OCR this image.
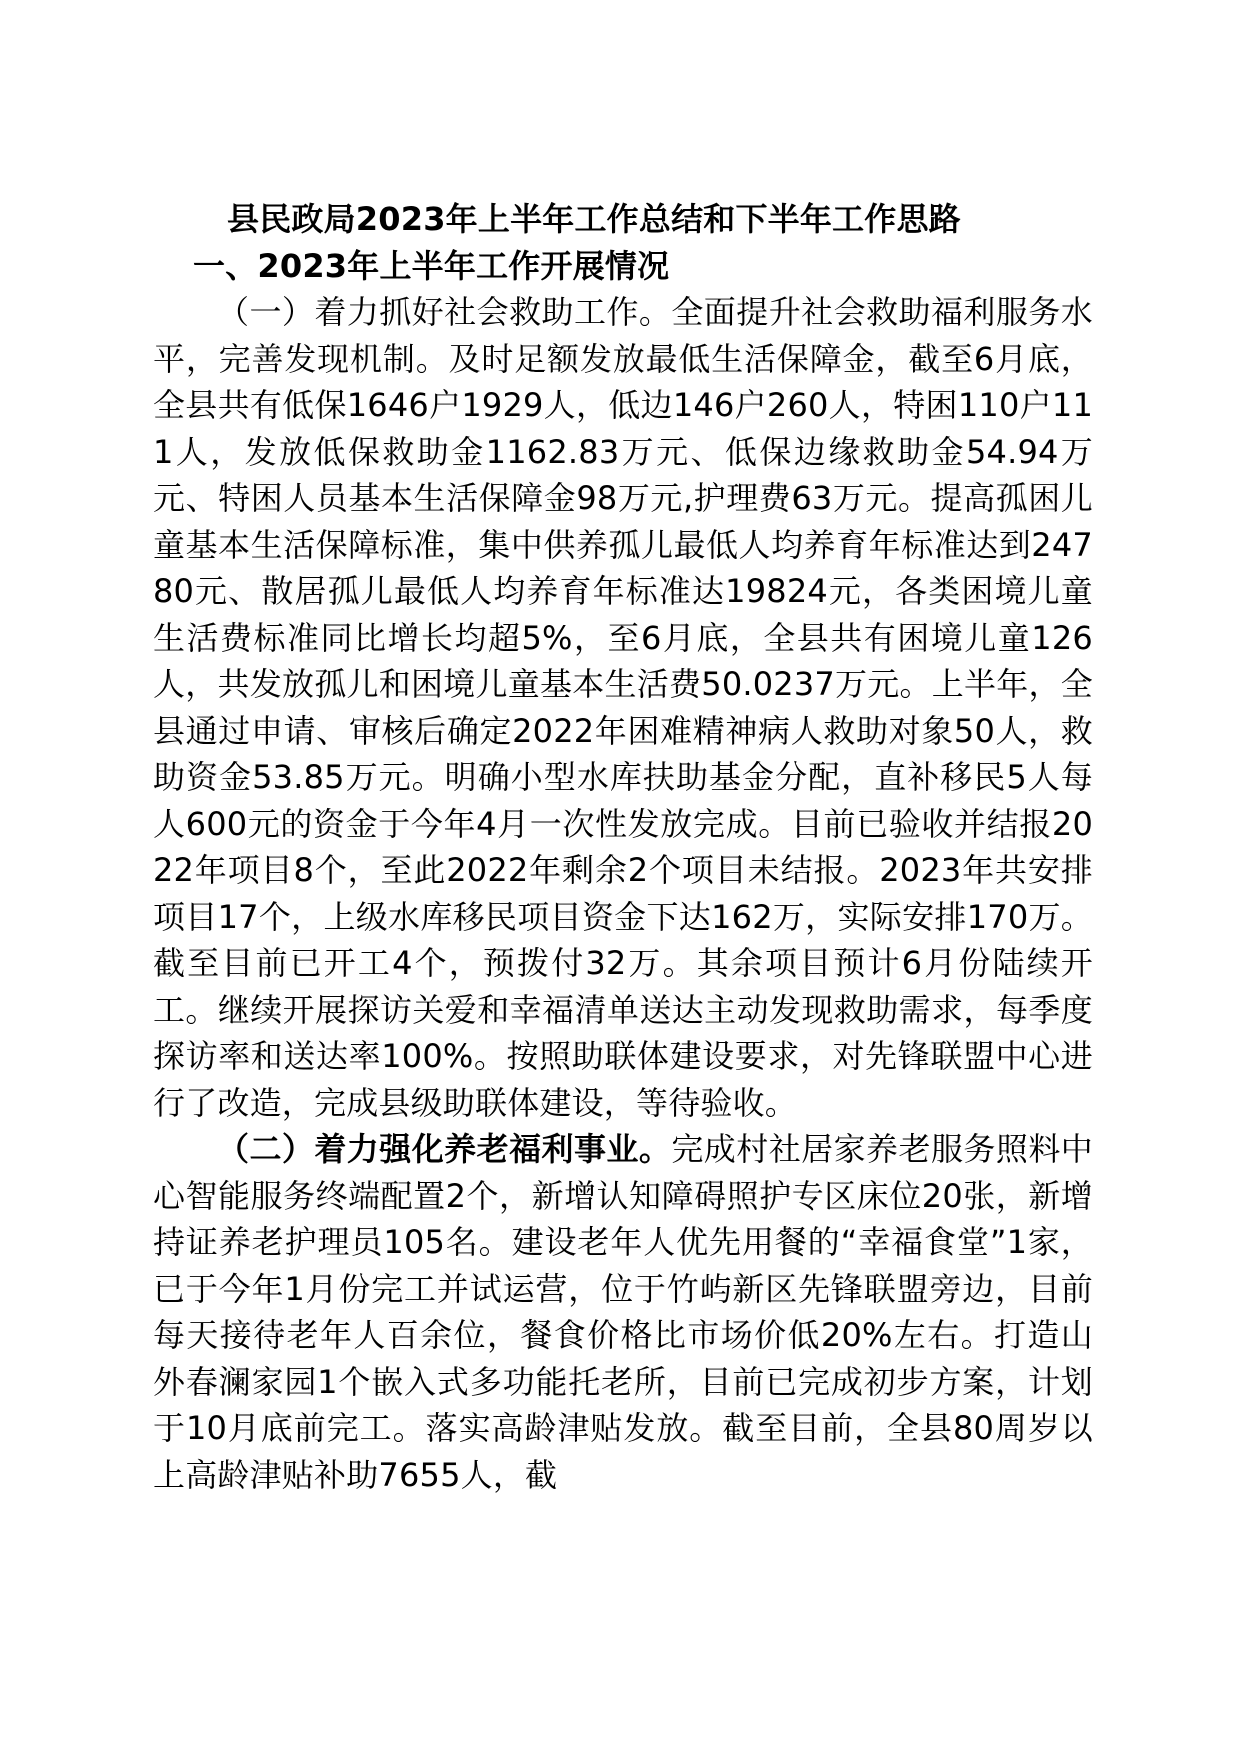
县民政局2023年上半年工作总结和下半年工作思路
一、2023年上半年工作开展情况

（一）着力抓好社会救助工作。全面提升社会救助福利服务水平，完善发现机制。及时足额发放最低生活保障金，截至6月底，全县共有低保1646户1929人，低边146户260人，特困110户111人，发放低保救助金1162.83万元、低保边缘救助金54.94万元、特困人员基本生活保障金98万元,护理费63万元。提高孤困儿童基本生活保障标准，集中供养孤儿最低人均养育年标准达到24780元、散居孤儿最低人均养育年标准达19824元，各类困境儿童生活费标准同比增长均超5%，至6月底，全县共有困境儿童126人，共发放孤儿和困境儿童基本生活费50.0237万元。上半年，全县通过申请、审核后确定2022年困难精神病人救助对象50人，救助资金53.85万元。明确小型水库扶助基金分配，直补移民5人每人600元的资金于今年4月一次性发放完成。目前已验收并结报2022年项目8个，至此2022年剩余2个项目未结报。2023年共安排项目17个，上级水库移民项目资金下达162万，实际安排170万。截至目前已开工4个，预拨付32万。其余项目预计6月份陆续开工。继续开展探访关爱和幸福清单送达主动发现救助需求，每季度探访率和送达率100%。按照助联体建设要求，对先锋联盟中心进行了改造，完成县级助联体建设，等待验收。

（二）着力强化养老福利事业。完成村社居家养老服务照料中心智能服务终端配置2个，新增认知障碍照护专区床位20张，新增持证养老护理员105名。建设老年人优先用餐的“幸福食堂”1家，已于今年1月份完工并试运营，位于竹屿新区先锋联盟旁边，目前每天接待老年人百余位，餐食价格比市场价低20%左右。打造山外春澜家园1个嵌入式多功能托老所，目前已完成初步方案，计划于10月底前完工。落实高龄津贴发放。截至目前，全县80周岁以上高龄津贴补助7655人，截
